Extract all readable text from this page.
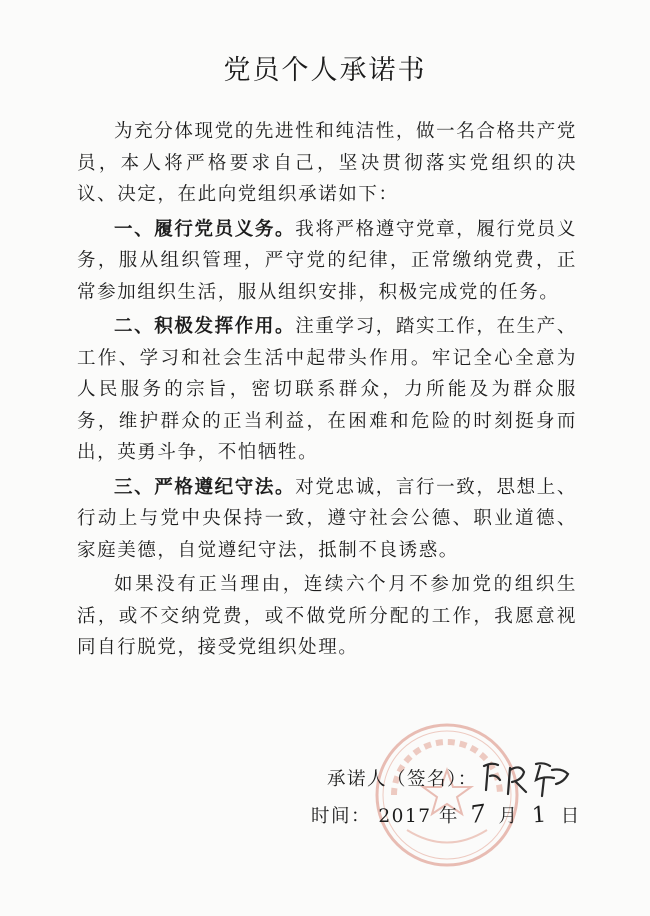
党员个人承诺书

为充分体现党的先进性和纯洁性，做一名合格共产党员，本人将严格要求自己，坚决贯彻落实党组织的决议、决定，在此向党组织承诺如下：

一、履行党员义务。我将严格遵守党章，履行党员义务，服从组织管理，严守党的纪律，正常缴纳党费，正常参加组织生活，服从组织安排，积极完成党的任务。

二、积极发挥作用。注重学习，踏实工作，在生产、工作、学习和社会生活中起带头作用。牢记全心全意为人民服务的宗旨，密切联系群众，力所能及为群众服务，维护群众的正当利益，在困难和危险的时刻挺身而出，英勇斗争，不怕牺牲。

三、严格遵纪守法。对党忠诚，言行一致，思想上、行动上与党中央保持一致，遵守社会公德、职业道德、家庭美德，自觉遵纪守法，抵制不良诱惑。

如果没有正当理由，连续六个月不参加党的组织生活，或不交纳党费，或不做党所分配的工作，我愿意视同自行脱党，接受党组织处理。

承诺人（签名）：
时间： 2017 年 7 月 1 日
